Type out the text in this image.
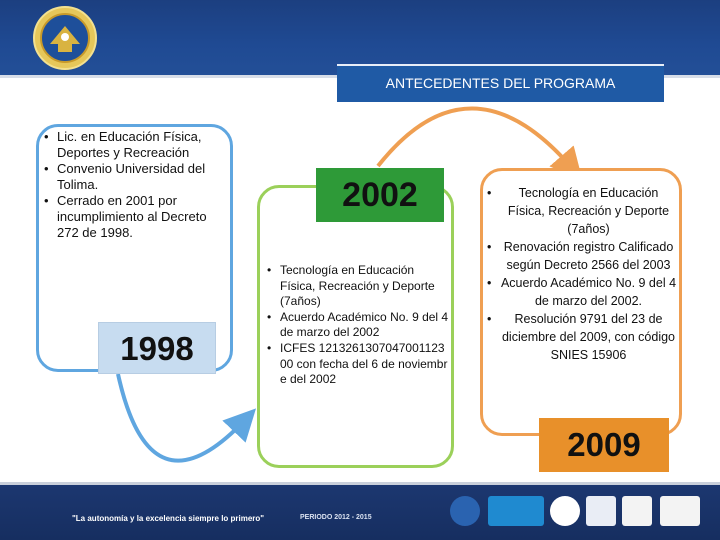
ANTECEDENTES DEL PROGRAMA
• Lic. en Educación Física, Deportes y Recreación
• Convenio Universidad del Tolima.
• Cerrado en 2001 por incumplimiento al Decreto 272 de 1998.
1998
• Tecnología en Educación Física, Recreación y Deporte (7años)
• Acuerdo Académico No. 9 del 4 de marzo del 2002
• ICFES 121326130704700112300 con fecha del 6 de noviembre del 2002
2002
•	Tecnología en Educación Física, Recreación y Deporte (7años)
• Renovación registro Calificado según Decreto 2566 del 2003
• Acuerdo Académico No. 9 del 4 de marzo del 2002.
• Resolución 9791 del 23 de diciembre del 2009, con código SNIES 15906
2009
"La autonomía y la excelencia siempre lo primero"	PERIODO 2012 - 2015
